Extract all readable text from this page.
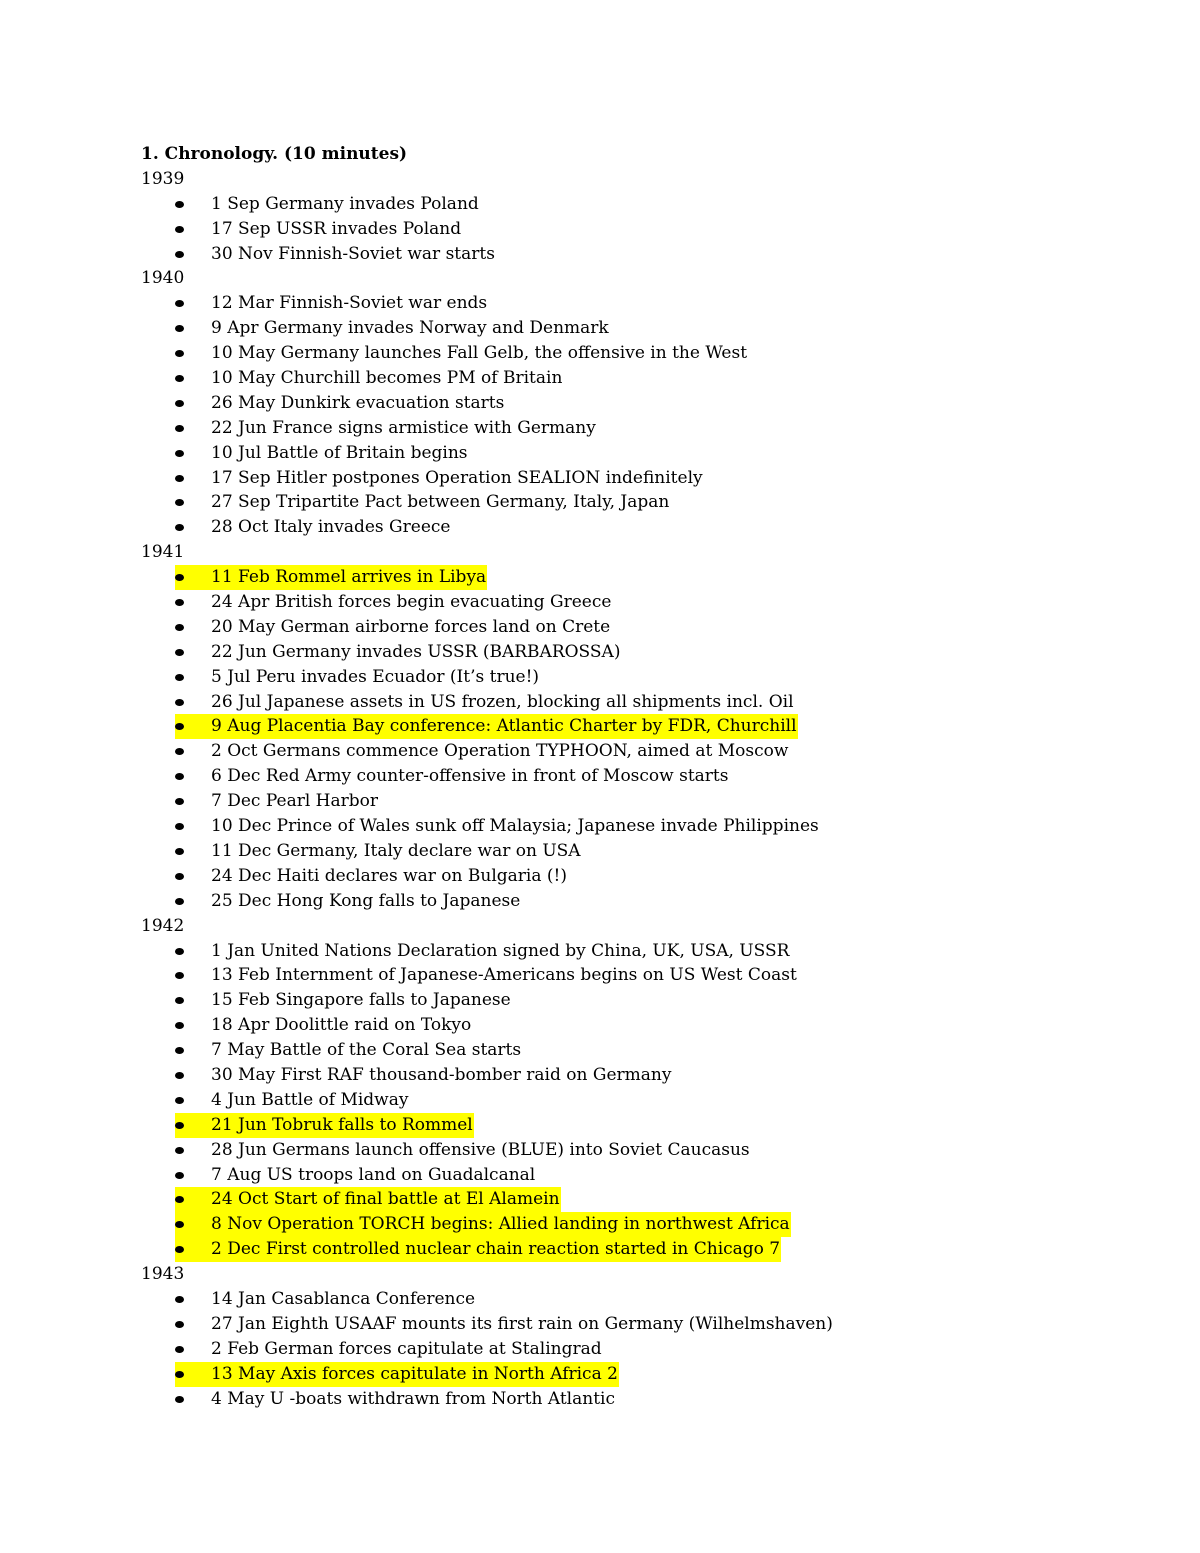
1. Chronology. (10 minutes)
1939
1 Sep Germany invades Poland
17 Sep USSR invades Poland
30 Nov Finnish-Soviet war starts
1940
12 Mar Finnish-Soviet war ends
9 Apr Germany invades Norway and Denmark
10 May Germany launches Fall Gelb, the offensive in the West
10 May Churchill becomes PM of Britain
26 May Dunkirk evacuation starts
22 Jun France signs armistice with Germany
10 Jul Battle of Britain begins
17 Sep Hitler postpones Operation SEALION indefinitely
27 Sep Tripartite Pact between Germany, Italy, Japan
28 Oct Italy invades Greece
1941
11 Feb Rommel arrives in Libya
24 Apr British forces begin evacuating Greece
20 May German airborne forces land on Crete
22 Jun Germany invades USSR (BARBAROSSA)
5 Jul Peru invades Ecuador (It’s true!)
26 Jul Japanese assets in US frozen, blocking all shipments incl. Oil
9 Aug Placentia Bay conference: Atlantic Charter by FDR, Churchill
2 Oct Germans commence Operation TYPHOON, aimed at Moscow
6 Dec Red Army counter-offensive in front of Moscow starts
7 Dec Pearl Harbor
10 Dec Prince of Wales sunk off Malaysia; Japanese invade Philippines
11 Dec Germany, Italy declare war on USA
24 Dec Haiti declares war on Bulgaria (!)
25 Dec Hong Kong falls to Japanese
1942
1 Jan United Nations Declaration signed by China, UK, USA, USSR
13 Feb Internment of Japanese-Americans begins on US West Coast
15 Feb Singapore falls to Japanese
18 Apr Doolittle raid on Tokyo
7 May Battle of the Coral Sea starts
30 May First RAF thousand-bomber raid on Germany
4 Jun Battle of Midway
21 Jun Tobruk falls to Rommel
28 Jun Germans launch offensive (BLUE) into Soviet Caucasus
7 Aug US troops land on Guadalcanal
24 Oct Start of final battle at El Alamein
8 Nov Operation TORCH begins: Allied landing in northwest Africa
2 Dec First controlled nuclear chain reaction started in Chicago 7
1943
14 Jan Casablanca Conference
27 Jan Eighth USAAF mounts its first rain on Germany (Wilhelmshaven)
2 Feb German forces capitulate at Stalingrad
13 May Axis forces capitulate in North Africa 2
4 May U -boats withdrawn from North Atlantic
